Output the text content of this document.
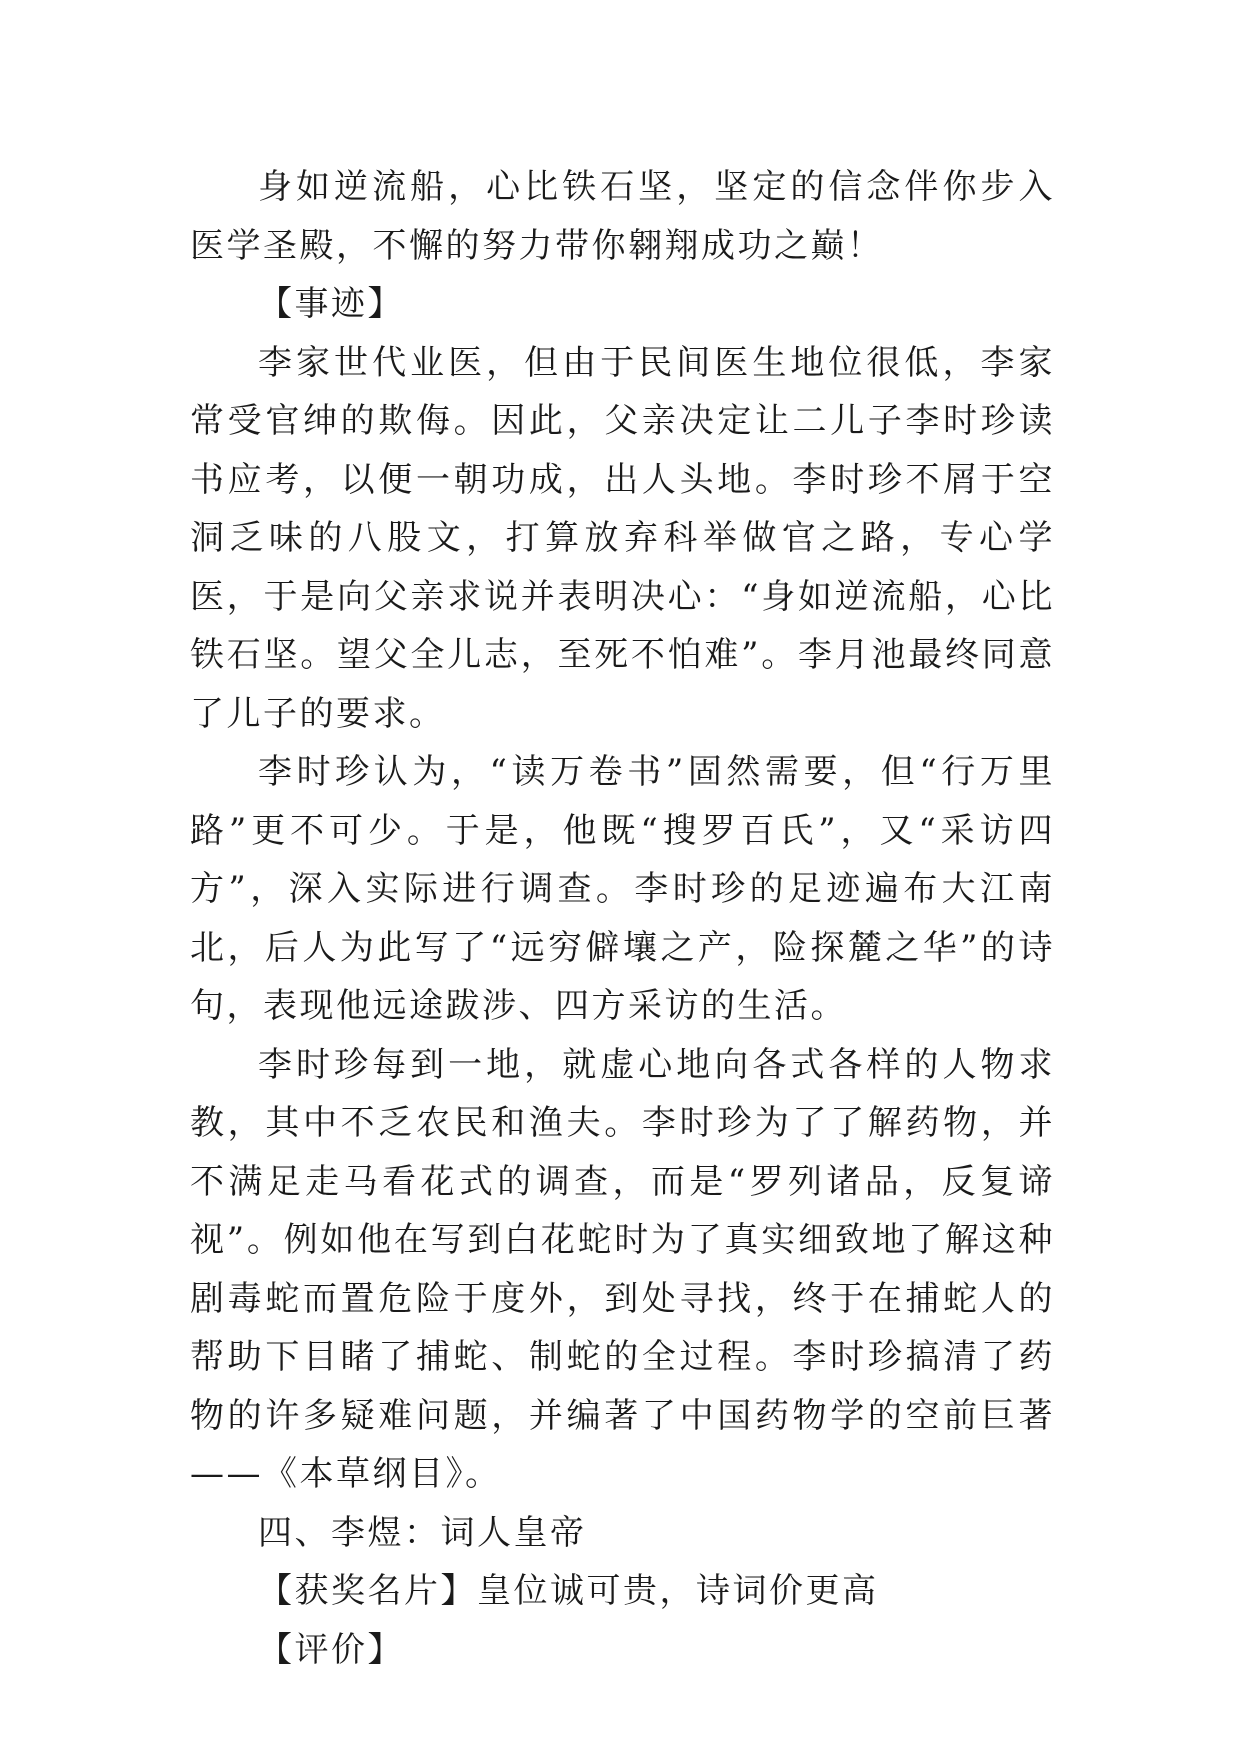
身如逆流船，心比铁石坚，坚定的信念伴你步入医学圣殿，不懈的努力带你翱翔成功之巅！

【事迹】

李家世代业医，但由于民间医生地位很低，李家常受官绅的欺侮。因此，父亲决定让二儿子李时珍读书应考，以便一朝功成，出人头地。李时珍不屑于空洞乏味的八股文，打算放弃科举做官之路，专心学医，于是向父亲求说并表明决心：“身如逆流船，心比铁石坚。望父全儿志，至死不怕难”。李月池最终同意了儿子的要求。

李时珍认为，“读万卷书”固然需要，但“行万里路”更不可少。于是，他既“搜罗百氏”，又“采访四方”，深入实际进行调查。李时珍的足迹遍布大江南北，后人为此写了“远穷僻壤之产，险探麓之华”的诗句，表现他远途跋涉、四方采访的生活。

李时珍每到一地，就虚心地向各式各样的人物求教，其中不乏农民和渔夫。李时珍为了了解药物，并不满足走马看花式的调查，而是“罗列诸品，反复谛视”。例如他在写到白花蛇时为了真实细致地了解这种剧毒蛇而置危险于度外，到处寻找，终于在捕蛇人的帮助下目睹了捕蛇、制蛇的全过程。李时珍搞清了药物的许多疑难问题，并编著了中国药物学的空前巨著——《本草纲目》。

四、李煜：词人皇帝

【获奖名片】皇位诚可贵，诗词价更高

【评价】
